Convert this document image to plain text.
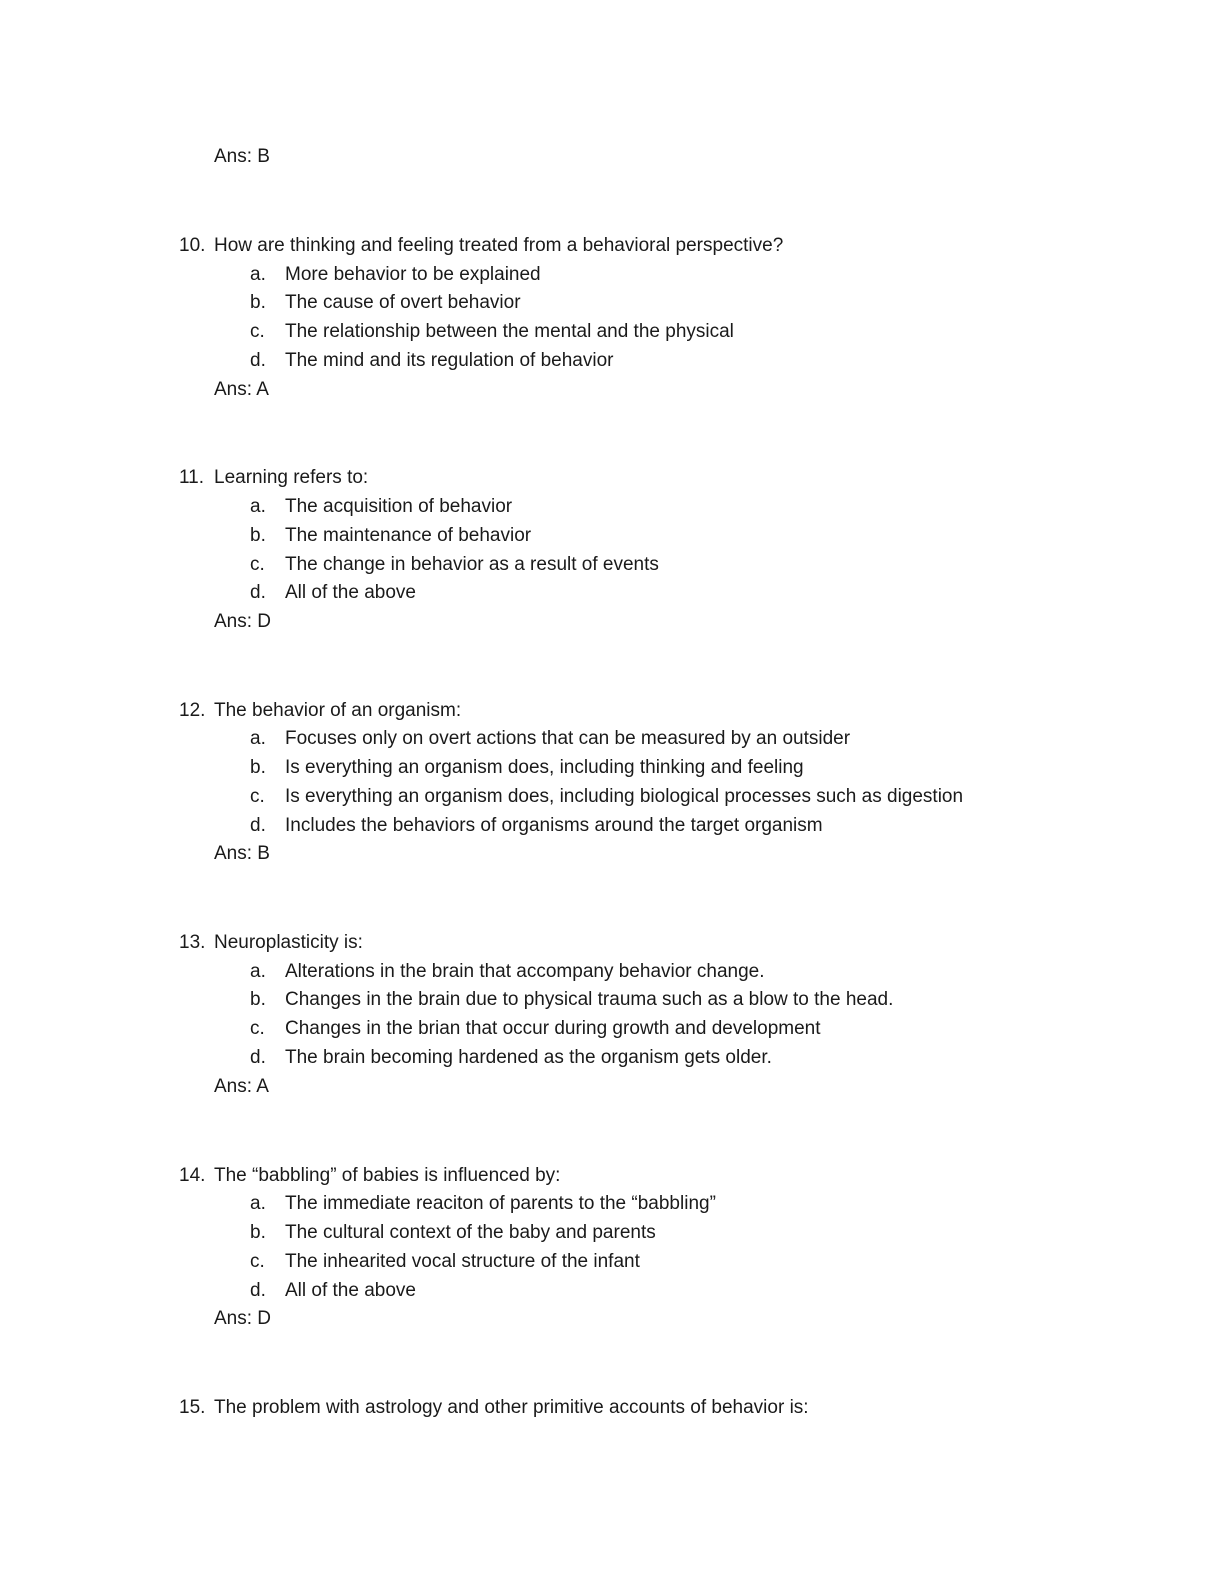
Ans: B
10. How are thinking and feeling treated from a behavioral perspective?
a. More behavior to be explained
b. The cause of overt behavior
c. The relationship between the mental and the physical
d. The mind and its regulation of behavior
Ans: A
11. Learning refers to:
a. The acquisition of behavior
b. The maintenance of behavior
c. The change in behavior as a result of events
d. All of the above
Ans: D
12. The behavior of an organism:
a. Focuses only on overt actions that can be measured by an outsider
b. Is everything an organism does, including thinking and feeling
c. Is everything an organism does, including biological processes such as digestion
d. Includes the behaviors of organisms around the target organism
Ans: B
13. Neuroplasticity is:
a. Alterations in the brain that accompany behavior change.
b. Changes in the brain due to physical trauma such as a blow to the head.
c. Changes in the brian that occur during growth and development
d. The brain becoming hardened as the organism gets older.
Ans: A
14. The “babbling” of babies is influenced by:
a. The immediate reaciton of parents to the “babbling”
b. The cultural context of the baby and parents
c. The inhearited vocal structure of the infant
d. All of the above
Ans: D
15. The problem with astrology and other primitive accounts of behavior is:
